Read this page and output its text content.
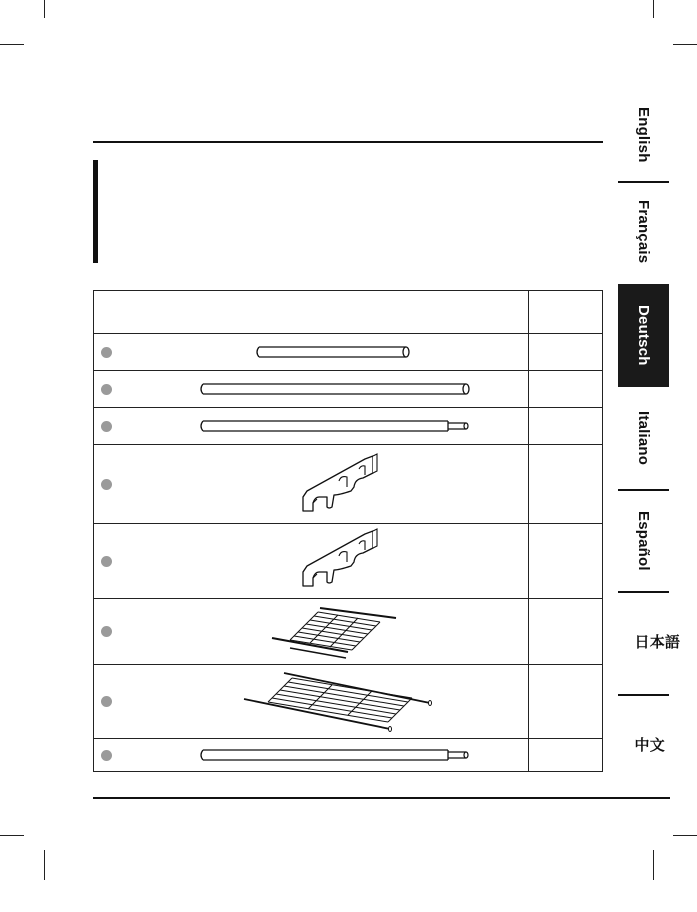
English
Français
Deutsch
Italiano
Español
日本語
中文
